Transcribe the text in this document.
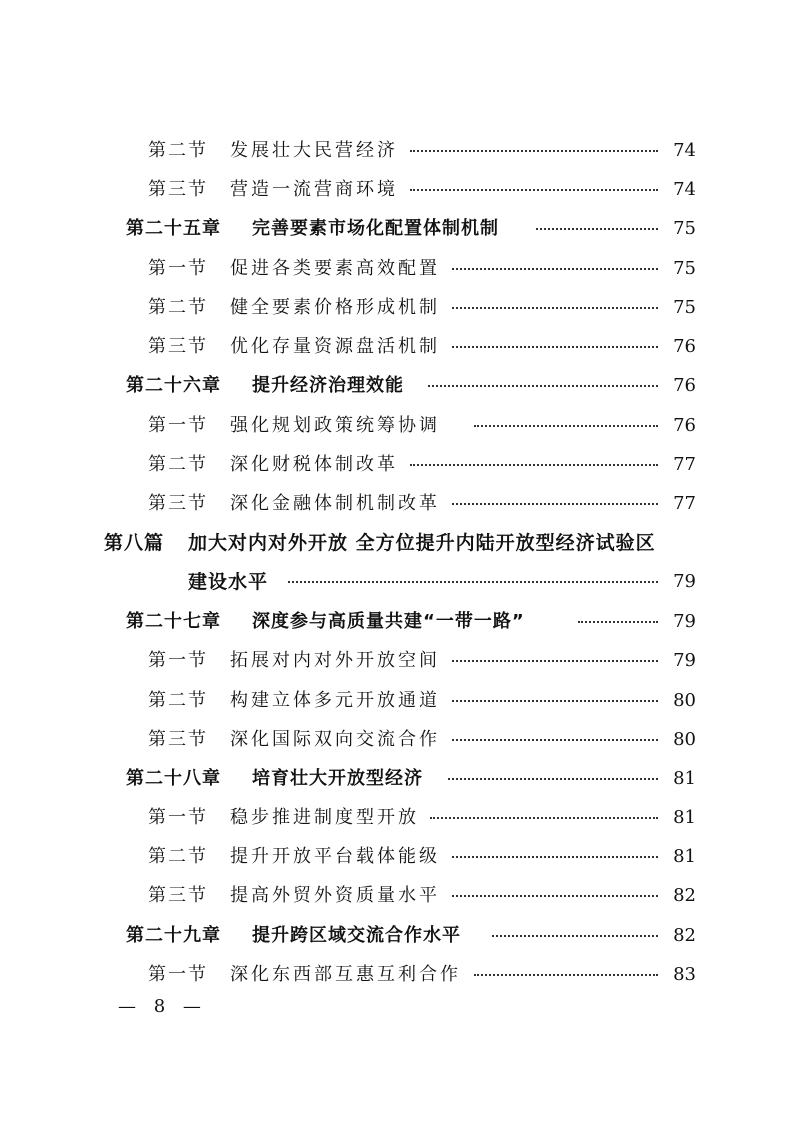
第二节 发展壮大民营经济	74
第三节 营造一流营商环境	74
第二十五章 完善要素市场化配置体制机制	75
第一节 促进各类要素高效配置	75
第二节 健全要素价格形成机制	75
第三节 优化存量资源盘活机制	76
第二十六章 提升经济治理效能	76
第一节 强化规划政策统筹协调	76
第二节 深化财税体制改革	77
第三节 深化金融体制机制改革	77
第八篇 加大对内对外开放 全方位提升内陆开放型经济试验区
建设水平	79
第二十七章 深度参与高质量共建“一带一路”	79
第一节 拓展对内对外开放空间	79
第二节 构建立体多元开放通道	80
第三节 深化国际双向交流合作	80
第二十八章 培育壮大开放型经济	81
第一节 稳步推进制度型开放	81
第二节 提升开放平台载体能级	81
第三节 提高外贸外资质量水平	82
第二十九章 提升跨区域交流合作水平	82
第一节 深化东西部互惠互利合作	83
— 8 —
